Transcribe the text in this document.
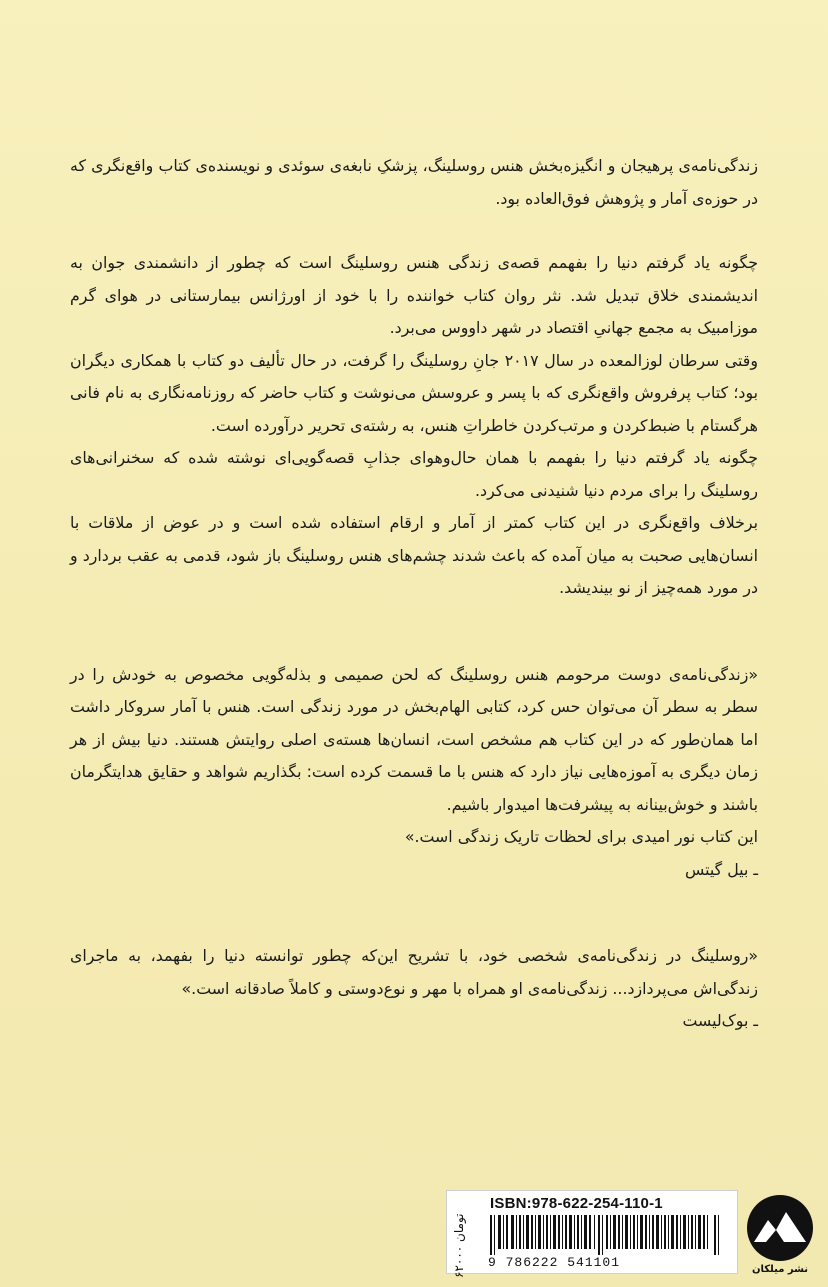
زندگی‌نامه‌ی پرهیجان و انگیزه‌بخش هنس روسلینگ، پزشکِ نابغه‌ی سوئدی و نویسنده‌ی کتاب واقع‌نگری که در حوزه‌ی آمار و پژوهش فوق‌العاده بود.

چگونه یاد گرفتم دنیا را بفهمم قصه‌ی زندگی هنس روسلینگ است که چطور از دانشمندی جوان به اندیشمندی خلاق تبدیل شد. نثر روان کتاب خواننده را با خود از اورژانس بیمارستانی در هوای گرم موزامبیک به مجمع جهانیِ اقتصاد در شهر داووس می‌برد.

وقتی سرطان لوزالمعده در سال ۲۰۱۷ جانِ روسلینگ را گرفت، در حال تألیف دو کتاب با همکاری دیگران بود؛ کتاب پرفروش واقع‌نگری که با پسر و عروسش می‌نوشت و کتاب حاضر که روزنامه‌نگاری به نام فانی هرگستام با ضبط‌کردن و مرتب‌کردن خاطراتِ هنس، به رشته‌ی تحریر درآورده است.

چگونه یاد گرفتم دنیا را بفهمم با همان حال‌و‌هوای جذابِ قصه‌گویی‌ای نوشته شده که سخنرانی‌های روسلینگ را برای مردم دنیا شنیدنی می‌کرد.

برخلاف واقع‌نگری در این کتاب کمتر از آمار و ارقام استفاده شده است و در عوض از ملاقات با انسان‌هایی صحبت به میان آمده که باعث شدند چشم‌های هنس روسلینگ باز شود، قدمی به عقب بردارد و در مورد همه‌چیز از نو بیندیشد.

«زندگی‌نامه‌ی دوست مرحومم هنس روسلینگ که لحن صمیمی و بذله‌گویی مخصوص به خودش را در سطر به سطر آن می‌توان حس کرد، کتابی الهام‌بخش در مورد زندگی است. هنس با آمار سروکار داشت اما همان‌طور که در این کتاب هم مشخص است، انسان‌ها هسته‌ی اصلی روایتش هستند. دنیا بیش از هر زمان دیگری به آموزه‌هایی نیاز دارد که هنس با ما قسمت کرده است: بگذاریم شواهد و حقایق هدایتگرمان باشند و خوش‌بینانه به پیشرفت‌ها امیدوار باشیم.

این کتاب نور امیدی برای لحظات تاریک زندگی است.»

ـ بیل گیتس

«روسلینگ در زندگی‌نامه‌ی شخصی خود، با تشریح این‌که چطور توانسته دنیا را بفهمد، به ماجرای زندگی‌اش می‌پردازد... زندگی‌نامه‌ی او همراه با مهر و نوع‌دوستی و کاملاً صادقانه است.»

ـ بوک‌لیست

ISBN:978-622-254-110-1
9 786222 541101
۶۲۰۰۰ تومان
نشر میلکان
